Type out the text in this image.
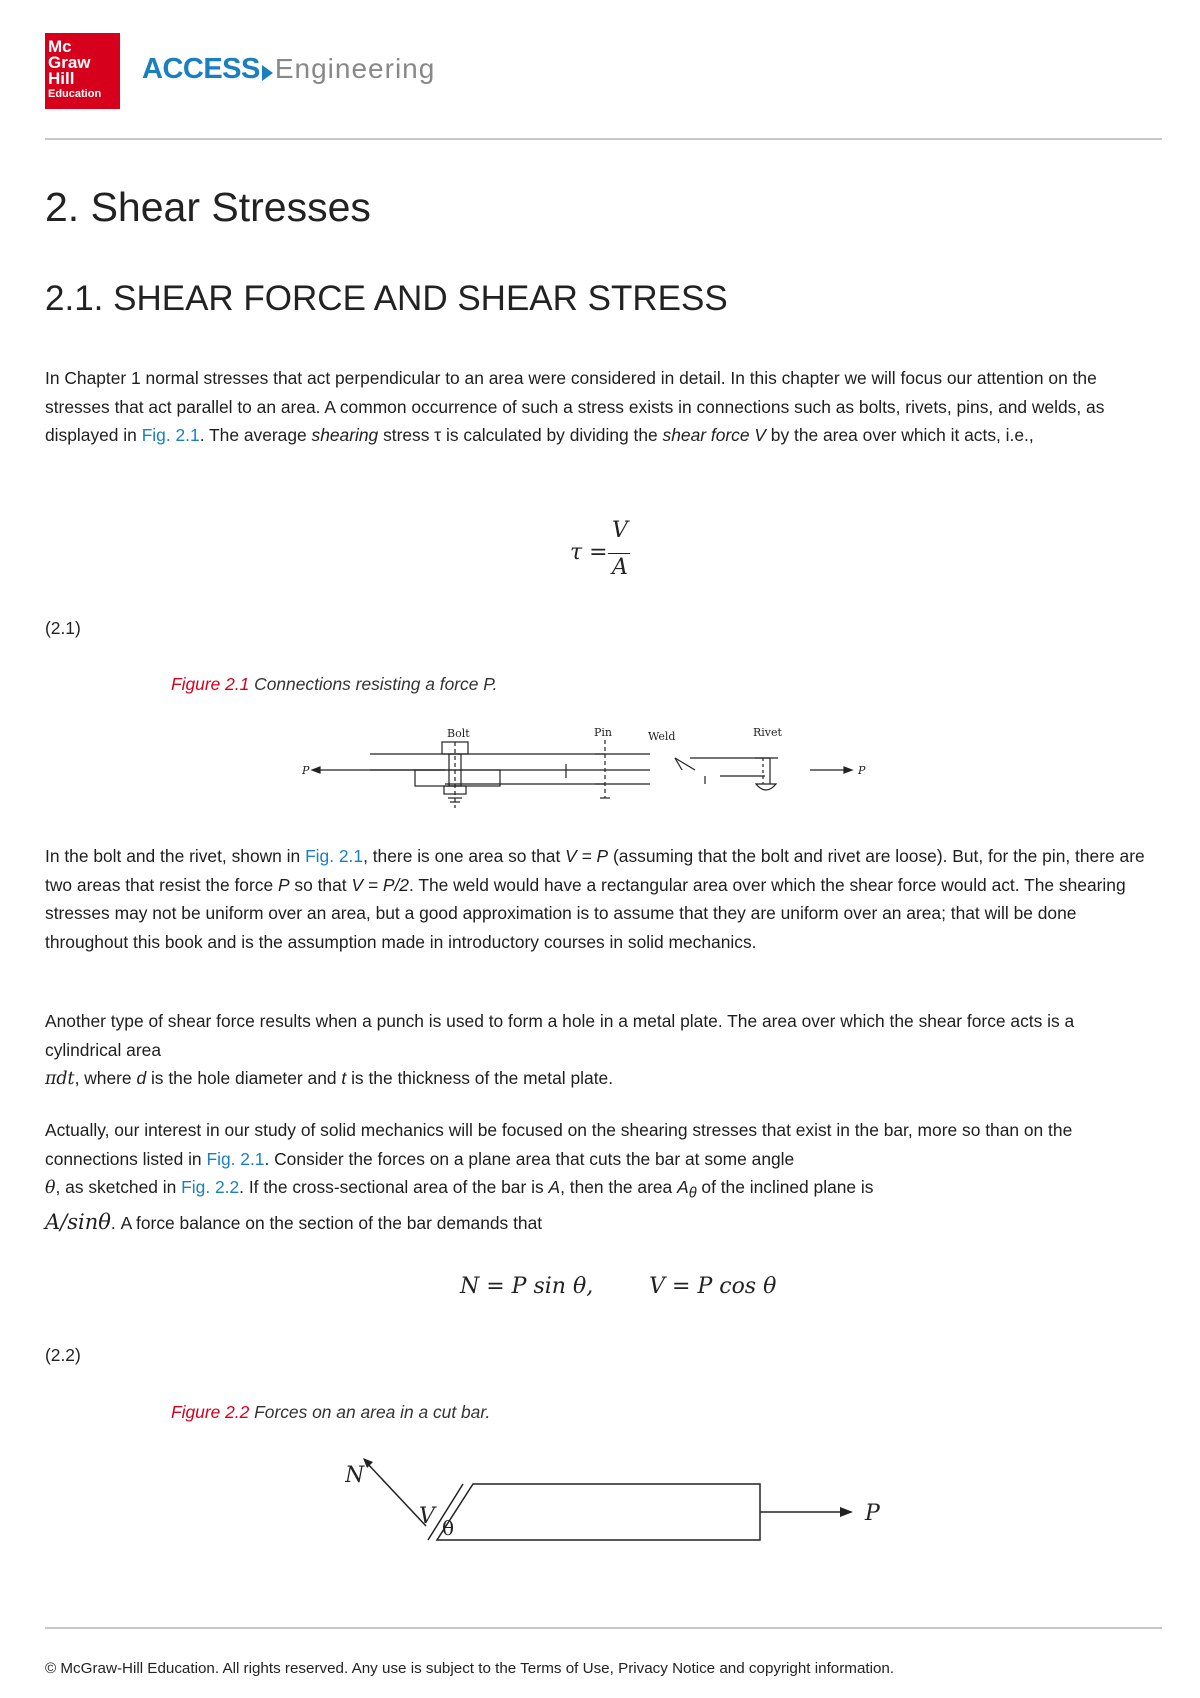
Mc
Graw
Hill
Education
ACCESS Engineering
2. Shear Stresses
2.1. SHEAR FORCE AND SHEAR STRESS

In Chapter 1 normal stresses that act perpendicular to an area were considered in detail. In this chapter we will focus our attention on the stresses that act parallel to an area. A common occurrence of such a stress exists in connections such as bolts, rivets, pins, and welds, as displayed in Fig. 2.1. The average shearing stress τ is calculated by dividing the shear force V by the area over which it acts, i.e.,

τ =
V
A
(2.1)
Figure 2.1 Connections resisting a force P.
Bolt	Pin	Weld	Rivet
P	P

In the bolt and the rivet, shown in Fig. 2.1, there is one area so that V = P (assuming that the bolt and rivet are loose). But, for the pin, there are two areas that resist the force P so that V = P/2. The weld would have a rectangular area over which the shear force would act. The shearing stresses may not be uniform over an area, but a good approximation is to assume that they are uniform over an area; that will be done throughout this book and is the assumption made in introductory courses in solid mechanics.

Another type of shear force results when a punch is used to form a hole in a metal plate. The area over which the shear force acts is a cylindrical area
πdt, where d is the hole diameter and t is the thickness of the metal plate.

Actually, our interest in our study of solid mechanics will be focused on the shearing stresses that exist in the bar, more so than on the connections listed in Fig. 2.1. Consider the forces on a plane area that cuts the bar at some angle
θ, as sketched in Fig. 2.2. If the cross-sectional area of the bar is A, then the area $A_\theta$ of the inclined plane is
A/sinθ. A force balance on the section of the bar demands that

N = P sin θ,        V = P cos θ
(2.2)
Figure 2.2 Forces on an area in a cut bar.
N
V θ
P
© McGraw-Hill Education. All rights reserved. Any use is subject to the Terms of Use, Privacy Notice and copyright information.
